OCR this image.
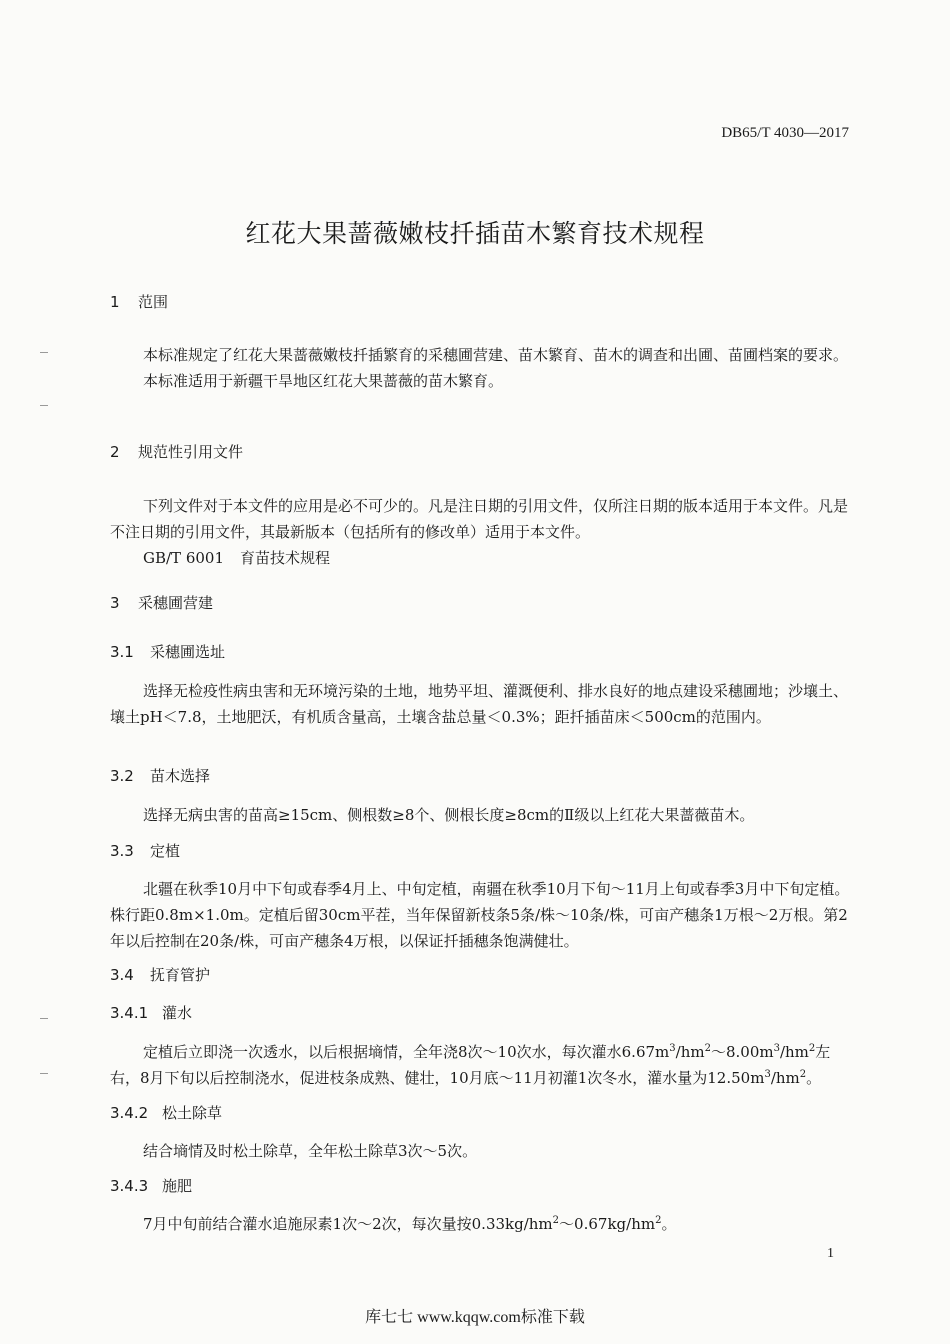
DB65/T 4030—2017
红花大果蔷薇嫩枝扦插苗木繁育技术规程
1 范围

本标准规定了红花大果蔷薇嫩枝扦插繁育的采穗圃营建、苗木繁育、苗木的调查和出圃、苗圃档案的要求。

本标准适用于新疆干旱地区红花大果蔷薇的苗木繁育。

2 规范性引用文件

下列文件对于本文件的应用是必不可少的。凡是注日期的引用文件，仅所注日期的版本适用于本文件。凡是不注日期的引用文件，其最新版本（包括所有的修改单）适用于本文件。

GB/T 6001 育苗技术规程

3 采穗圃营建
3.1 采穗圃选址

选择无检疫性病虫害和无环境污染的土地，地势平坦、灌溉便利、排水良好的地点建设采穗圃地；沙壤土、壤土pH＜7.8，土地肥沃，有机质含量高，土壤含盐总量＜0.3%；距扦插苗床＜500cm的范围内。

3.2 苗木选择

选择无病虫害的苗高≥15cm、侧根数≥8个、侧根长度≥8cm的Ⅱ级以上红花大果蔷薇苗木。

3.3 定植

北疆在秋季10月中下旬或春季4月上、中旬定植，南疆在秋季10月下旬～11月上旬或春季3月中下旬定植。株行距0.8m×1.0m。定植后留30cm平茬，当年保留新枝条5条/株～10条/株，可亩产穗条1万根～2万根。第2年以后控制在20条/株，可亩产穗条4万根，以保证扦插穗条饱满健壮。

3.4 抚育管护
3.4.1 灌水

定植后立即浇一次透水，以后根据墒情，全年浇8次～10次水，每次灌水$6.67m^3/hm^2\sim 8.00m^3/hm^2$左右，8月下旬以后控制浇水，促进枝条成熟、健壮，10月底～11月初灌1次冬水，灌水量为$12.50m^3/hm^2$。

3.4.2 松土除草

结合墒情及时松土除草，全年松土除草3次～5次。

3.4.3 施肥

7月中旬前结合灌水追施尿素1次～2次，每次量按$0.33kg/hm^2\sim 0.67kg/hm^2$。

1
库七七 www.kqqw.com标准下载
